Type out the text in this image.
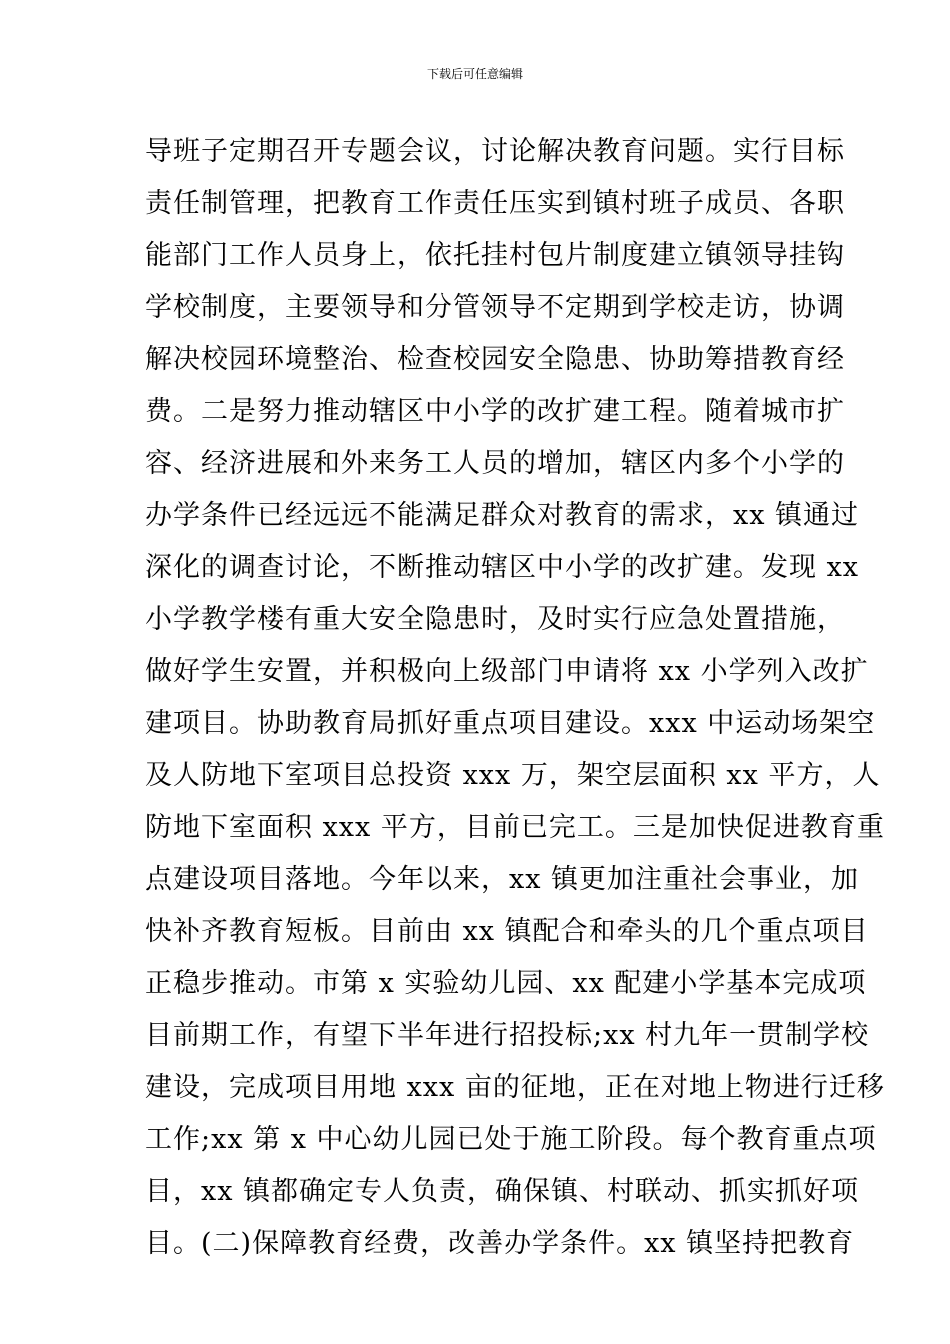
下载后可任意编辑
导班子定期召开专题会议，讨论解决教育问题。实行目标
责任制管理，把教育工作责任压实到镇村班子成员、各职
能部门工作人员身上，依托挂村包片制度建立镇领导挂钩
学校制度，主要领导和分管领导不定期到学校走访，协调
解决校园环境整治、检查校园安全隐患、协助筹措教育经
费。二是努力推动辖区中小学的改扩建工程。随着城市扩
容、经济进展和外来务工人员的增加，辖区内多个小学的
办学条件已经远远不能满足群众对教育的需求，xx 镇通过
深化的调查讨论，不断推动辖区中小学的改扩建。发现 xx
小学教学楼有重大安全隐患时，及时实行应急处置措施，
做好学生安置，并积极向上级部门申请将 xx 小学列入改扩
建项目。协助教育局抓好重点项目建设。xxx 中运动场架空
及人防地下室项目总投资 xxx 万，架空层面积 xx 平方，人
防地下室面积 xxx 平方，目前已完工。三是加快促进教育重
点建设项目落地。今年以来，xx 镇更加注重社会事业，加
快补齐教育短板。目前由 xx 镇配合和牵头的几个重点项目
正稳步推动。市第 x 实验幼儿园、xx 配建小学基本完成项
目前期工作，有望下半年进行招投标;xx 村九年一贯制学校
建设，完成项目用地 xxx 亩的征地，正在对地上物进行迁移
工作;xx 第 x 中心幼儿园已处于施工阶段。每个教育重点项
目，xx 镇都确定专人负责，确保镇、村联动、抓实抓好项
目。(二)保障教育经费，改善办学条件。xx 镇坚持把教育
